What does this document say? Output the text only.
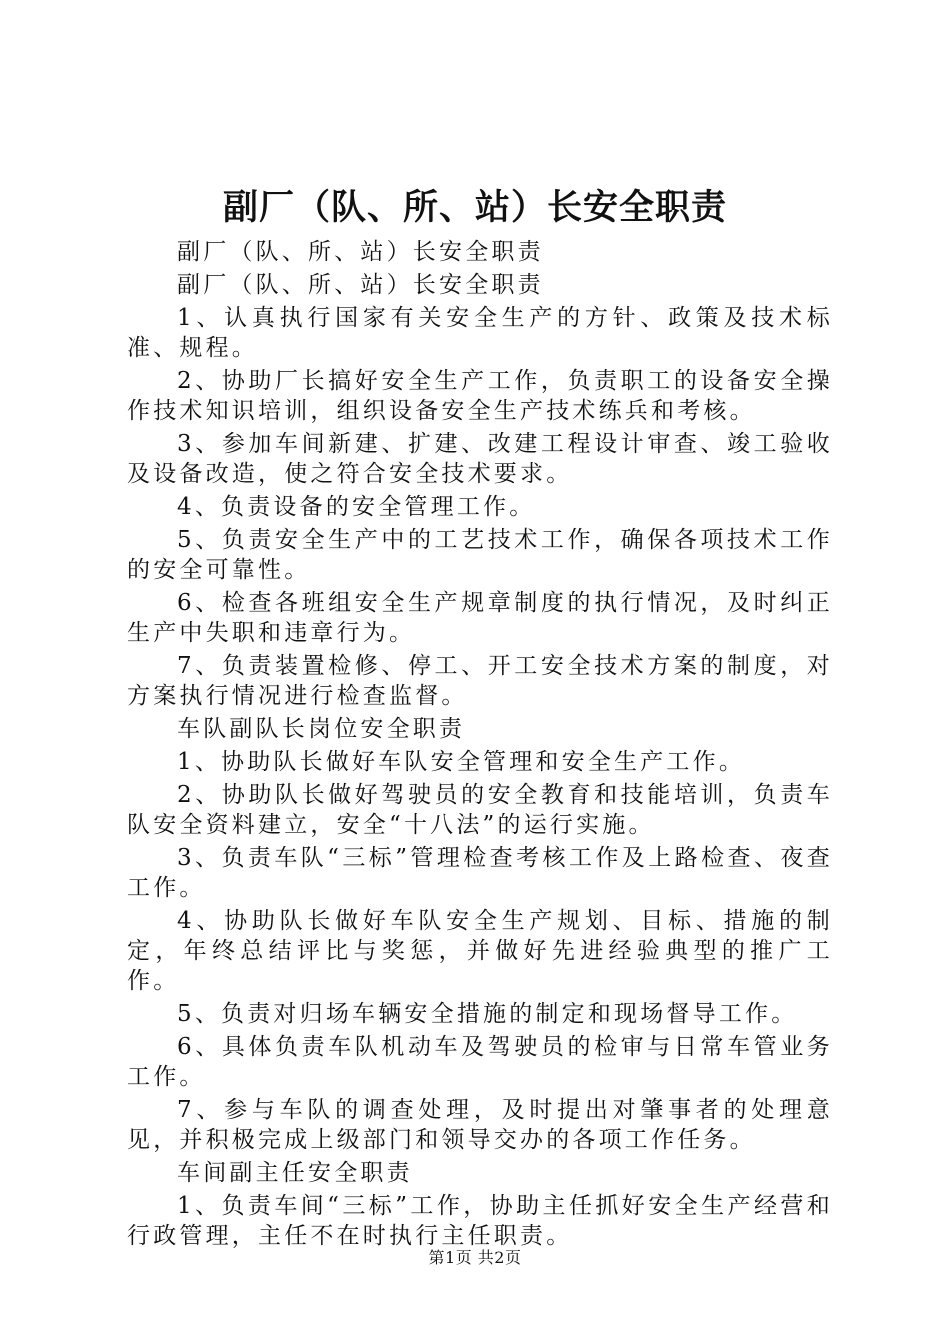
副厂（队、所、站）长安全职责

副厂（队、所、站）长安全职责

副厂（队、所、站）长安全职责

1、认真执行国家有关安全生产的方针、政策及技术标准、规程。

2、协助厂长搞好安全生产工作，负责职工的设备安全操作技术知识培训，组织设备安全生产技术练兵和考核。

3、参加车间新建、扩建、改建工程设计审查、竣工验收及设备改造，使之符合安全技术要求。

4、负责设备的安全管理工作。

5、负责安全生产中的工艺技术工作，确保各项技术工作的安全可靠性。

6、检查各班组安全生产规章制度的执行情况，及时纠正生产中失职和违章行为。

7、负责装置检修、停工、开工安全技术方案的制度，对方案执行情况进行检查监督。

车队副队长岗位安全职责

1、协助队长做好车队安全管理和安全生产工作。

2、协助队长做好驾驶员的安全教育和技能培训，负责车队安全资料建立，安全“十八法”的运行实施。

3、负责车队“三标”管理检查考核工作及上路检查、夜查工作。

4、协助队长做好车队安全生产规划、目标、措施的制定，年终总结评比与奖惩，并做好先进经验典型的推广工作。

5、负责对归场车辆安全措施的制定和现场督导工作。

6、具体负责车队机动车及驾驶员的检审与日常车管业务工作。

7、参与车队的调查处理，及时提出对肇事者的处理意见，并积极完成上级部门和领导交办的各项工作任务。

车间副主任安全职责

1、负责车间“三标”工作，协助主任抓好安全生产经营和行政管理，主任不在时执行主任职责。

第1页 共2页
